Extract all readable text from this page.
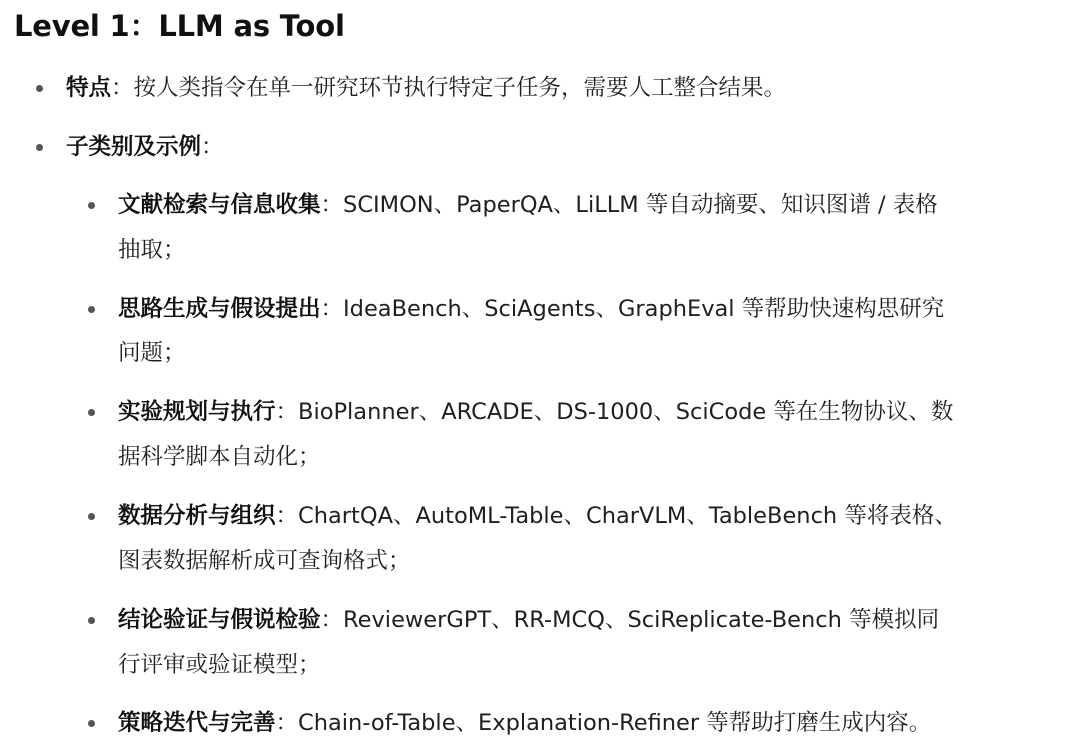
Level 1：LLM as Tool
特点：按人类指令在单一研究环节执行特定子任务，需要人工整合结果。
子类别及示例：
文献检索与信息收集：SCIMON、PaperQA、LiLLM 等自动摘要、知识图谱 / 表格
抽取；
思路生成与假设提出：IdeaBench、SciAgents、GraphEval 等帮助快速构思研究
问题；
实验规划与执行：BioPlanner、ARCADE、DS-1000、SciCode 等在生物协议、数
据科学脚本自动化；
数据分析与组织：ChartQA、AutoML-Table、CharVLM、TableBench 等将表格、
图表数据解析成可查询格式；
结论验证与假说检验：ReviewerGPT、RR-MCQ、SciReplicate-Bench 等模拟同
行评审或验证模型；
策略迭代与完善：Chain-of-Table、Explanation-Refiner 等帮助打磨生成内容。
